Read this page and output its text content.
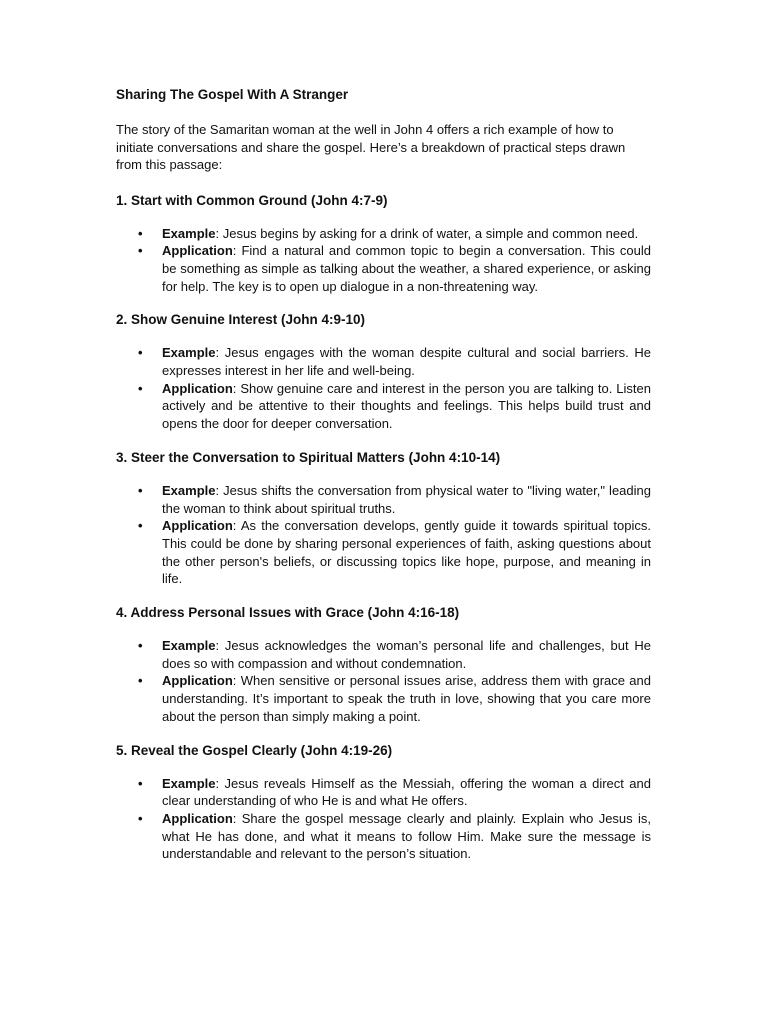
Sharing The Gospel With A Stranger
The story of the Samaritan woman at the well in John 4 offers a rich example of how to initiate conversations and share the gospel. Here’s a breakdown of practical steps drawn from this passage:
1. Start with Common Ground (John 4:7-9)
• Example: Jesus begins by asking for a drink of water, a simple and common need.
• Application: Find a natural and common topic to begin a conversation. This could be something as simple as talking about the weather, a shared experience, or asking for help. The key is to open up dialogue in a non-threatening way.
2. Show Genuine Interest (John 4:9-10)
• Example: Jesus engages with the woman despite cultural and social barriers. He expresses interest in her life and well-being.
• Application: Show genuine care and interest in the person you are talking to. Listen actively and be attentive to their thoughts and feelings. This helps build trust and opens the door for deeper conversation.
3. Steer the Conversation to Spiritual Matters (John 4:10-14)
• Example: Jesus shifts the conversation from physical water to "living water," leading the woman to think about spiritual truths.
• Application: As the conversation develops, gently guide it towards spiritual topics. This could be done by sharing personal experiences of faith, asking questions about the other person's beliefs, or discussing topics like hope, purpose, and meaning in life.
4. Address Personal Issues with Grace (John 4:16-18)
• Example: Jesus acknowledges the woman’s personal life and challenges, but He does so with compassion and without condemnation.
• Application: When sensitive or personal issues arise, address them with grace and understanding. It’s important to speak the truth in love, showing that you care more about the person than simply making a point.
5. Reveal the Gospel Clearly (John 4:19-26)
• Example: Jesus reveals Himself as the Messiah, offering the woman a direct and clear understanding of who He is and what He offers.
• Application: Share the gospel message clearly and plainly. Explain who Jesus is, what He has done, and what it means to follow Him. Make sure the message is understandable and relevant to the person’s situation.
